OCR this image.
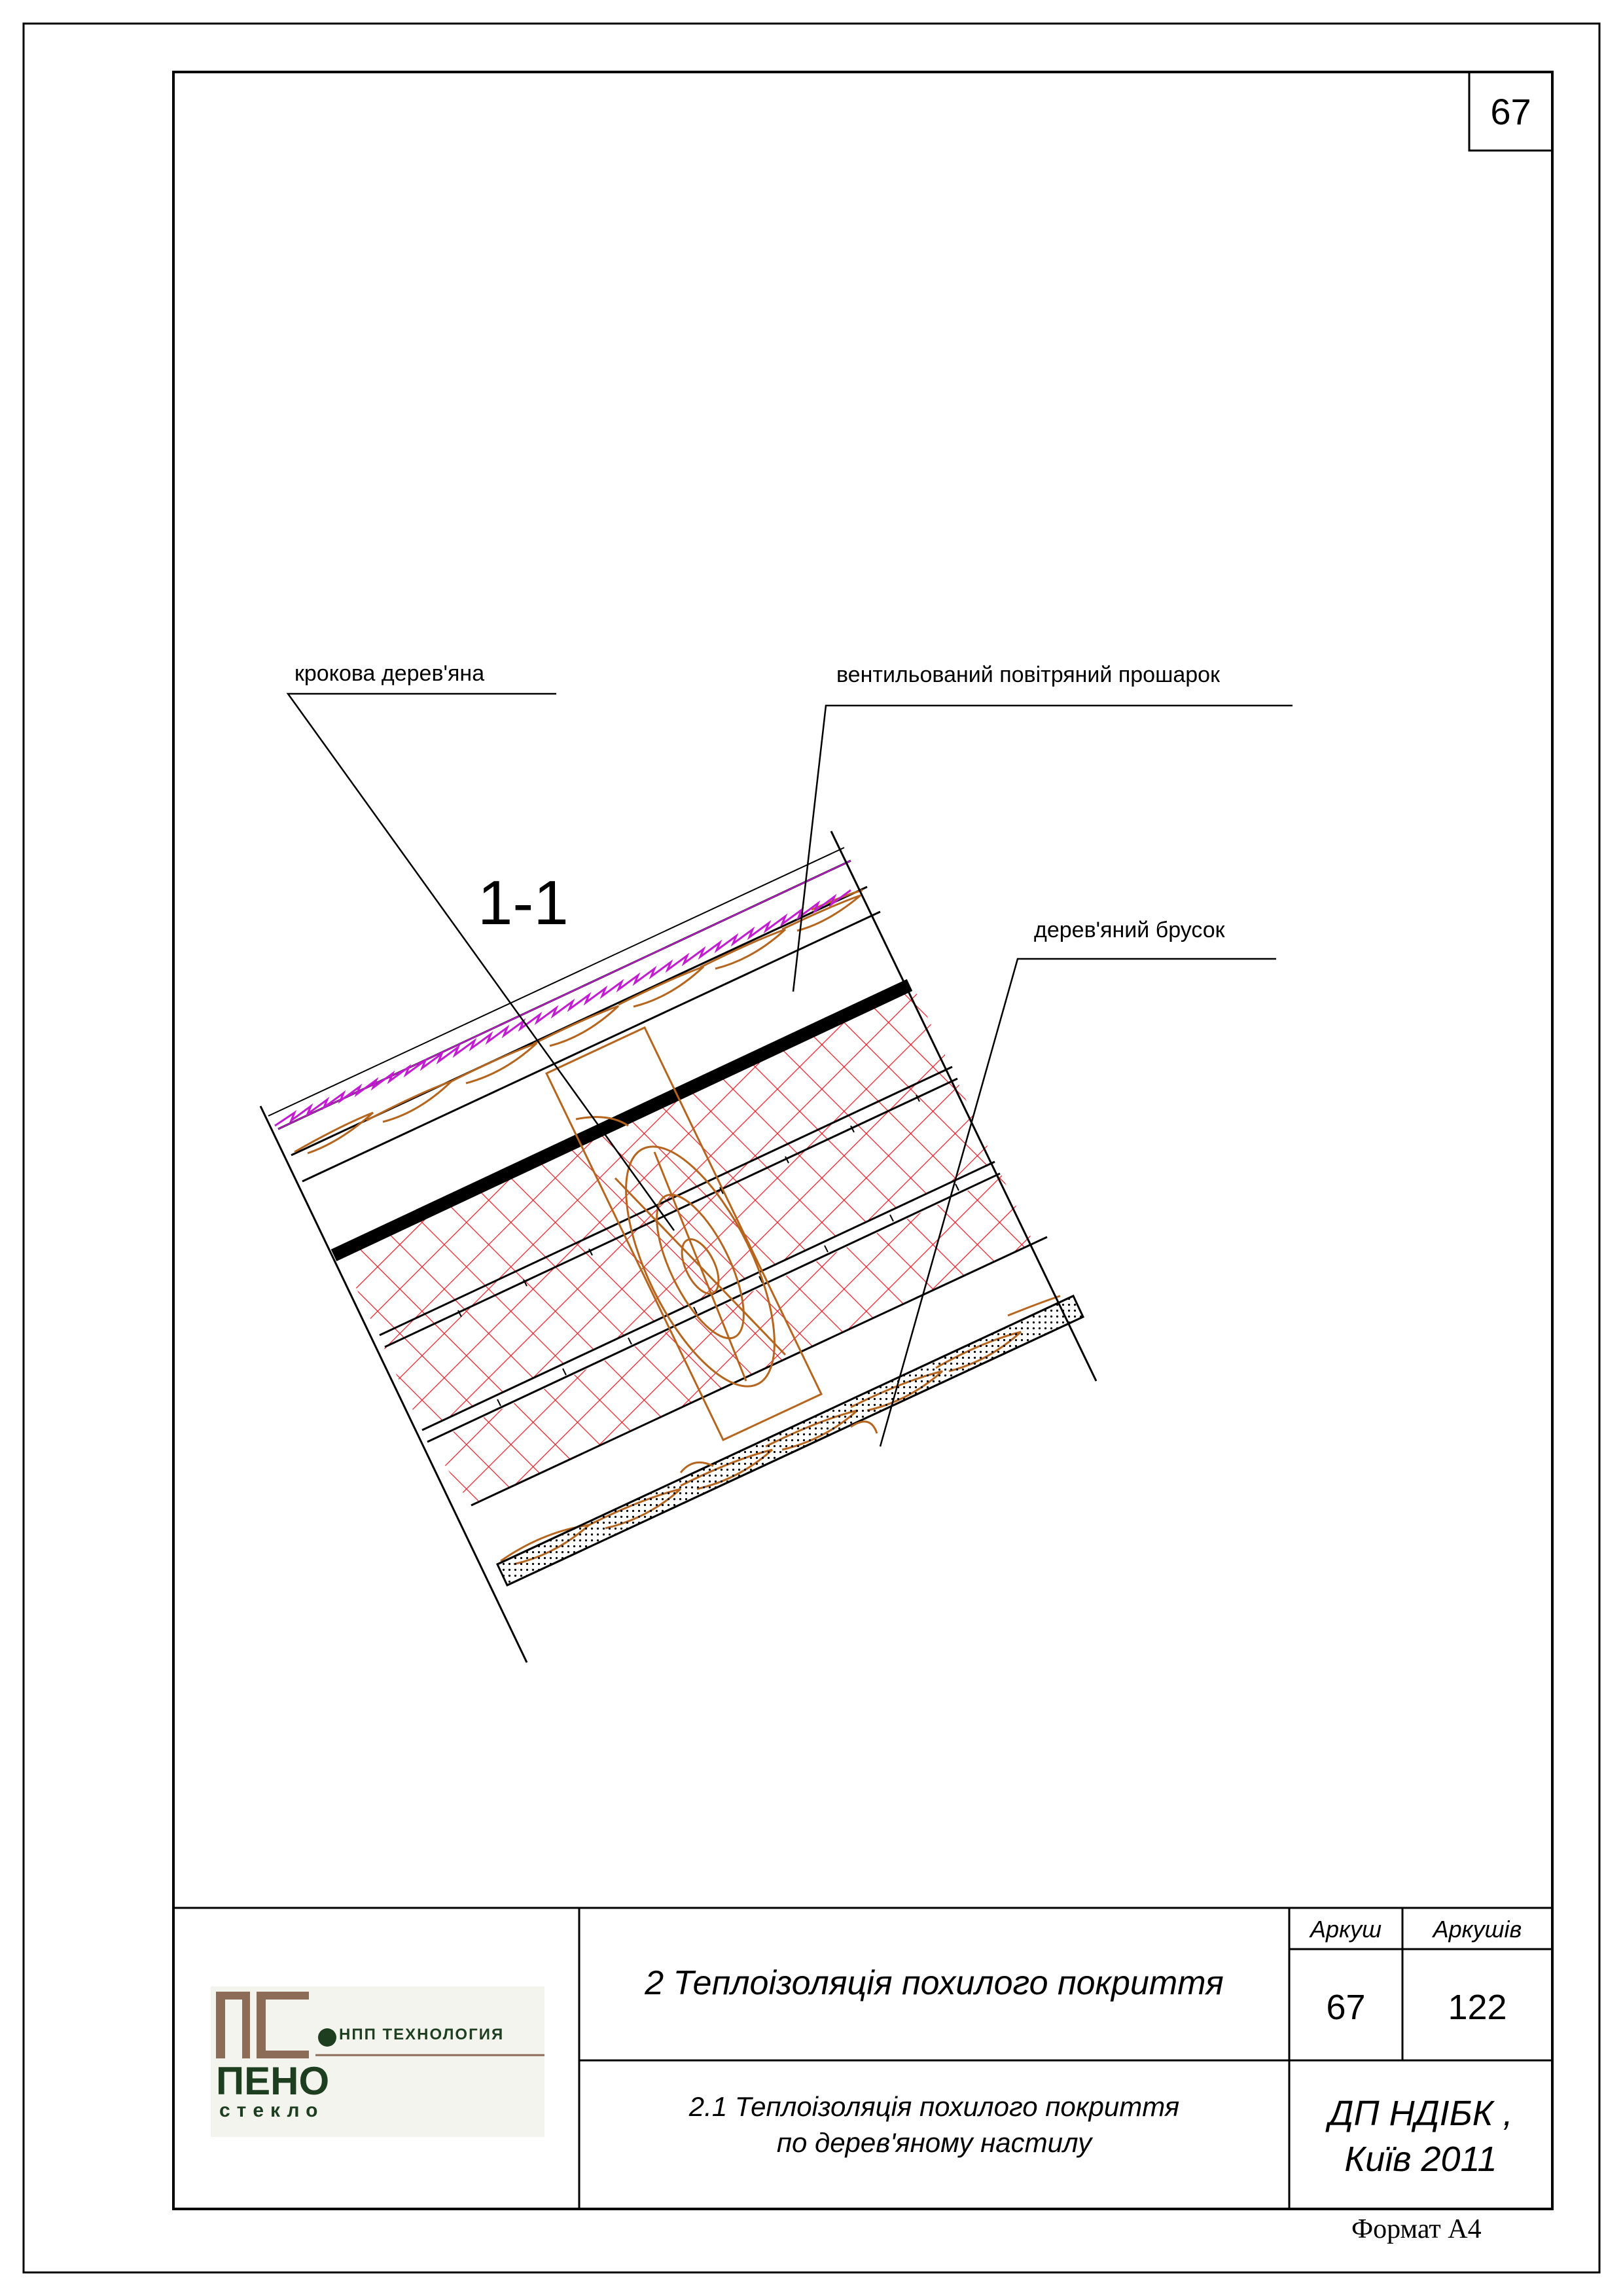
67
1-1
крокова дерев'яна	вентильований повітряний прошарок
дерев'яний брусок
НПП ТЕХНОЛОГИЯ
ПЕНО
стекло
2 Теплоізоляція похилого покриття
2.1 Теплоізоляція похилого покриття
по дерев'яному настилу
Аркуш	Аркушів
67	122
ДП НДІБК ,
Київ 2011
Формат А4
